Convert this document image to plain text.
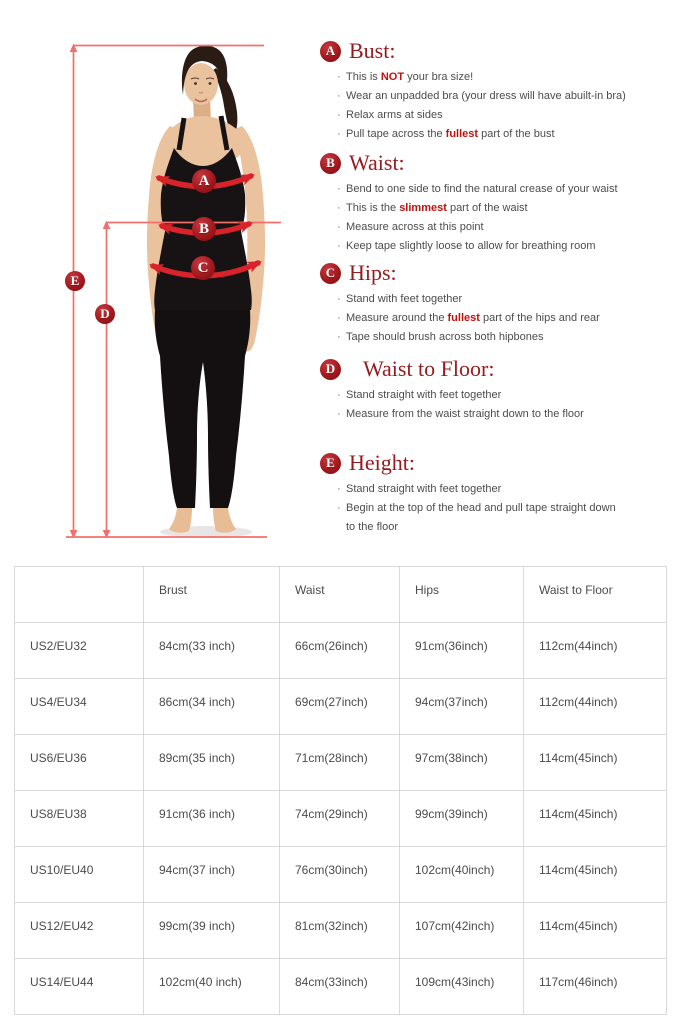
A
B
C
E
D
A Bust:
· This is NOT your bra size!
· Wear an unpadded bra (your dress will have abuilt-in bra)
· Relax arms at sides
· Pull tape across the fullest part of the bust
B Waist:
· Bend to one side to find the natural crease of your waist
· This is the slimmest part of the waist
· Measure across at this point
· Keep tape slightly loose to allow for breathing room
C Hips:
· Stand with feet together
· Measure around the fullest part of the hips and rear
· Tape should brush across both hipbones
D Waist to Floor:
· Stand straight with feet together
· Measure from the waist straight down to the floor
E Height:
· Stand straight with feet together
· Begin at the top of the head and pull tape straight down
to the floor
	Brust	Waist	Hips	Waist to Floor
US2/EU32	84cm(33 inch)	66cm(26inch)	91cm(36inch)	112cm(44inch)
US4/EU34	86cm(34 inch)	69cm(27inch)	94cm(37inch)	112cm(44inch)
US6/EU36	89cm(35 inch)	71cm(28inch)	97cm(38inch)	114cm(45inch)
US8/EU38	91cm(36 inch)	74cm(29inch)	99cm(39inch)	114cm(45inch)
US10/EU40	94cm(37 inch)	76cm(30inch)	102cm(40inch)	114cm(45inch)
US12/EU42	99cm(39 inch)	81cm(32inch)	107cm(42inch)	114cm(45inch)
US14/EU44	102cm(40 inch)	84cm(33inch)	109cm(43inch)	117cm(46inch)
